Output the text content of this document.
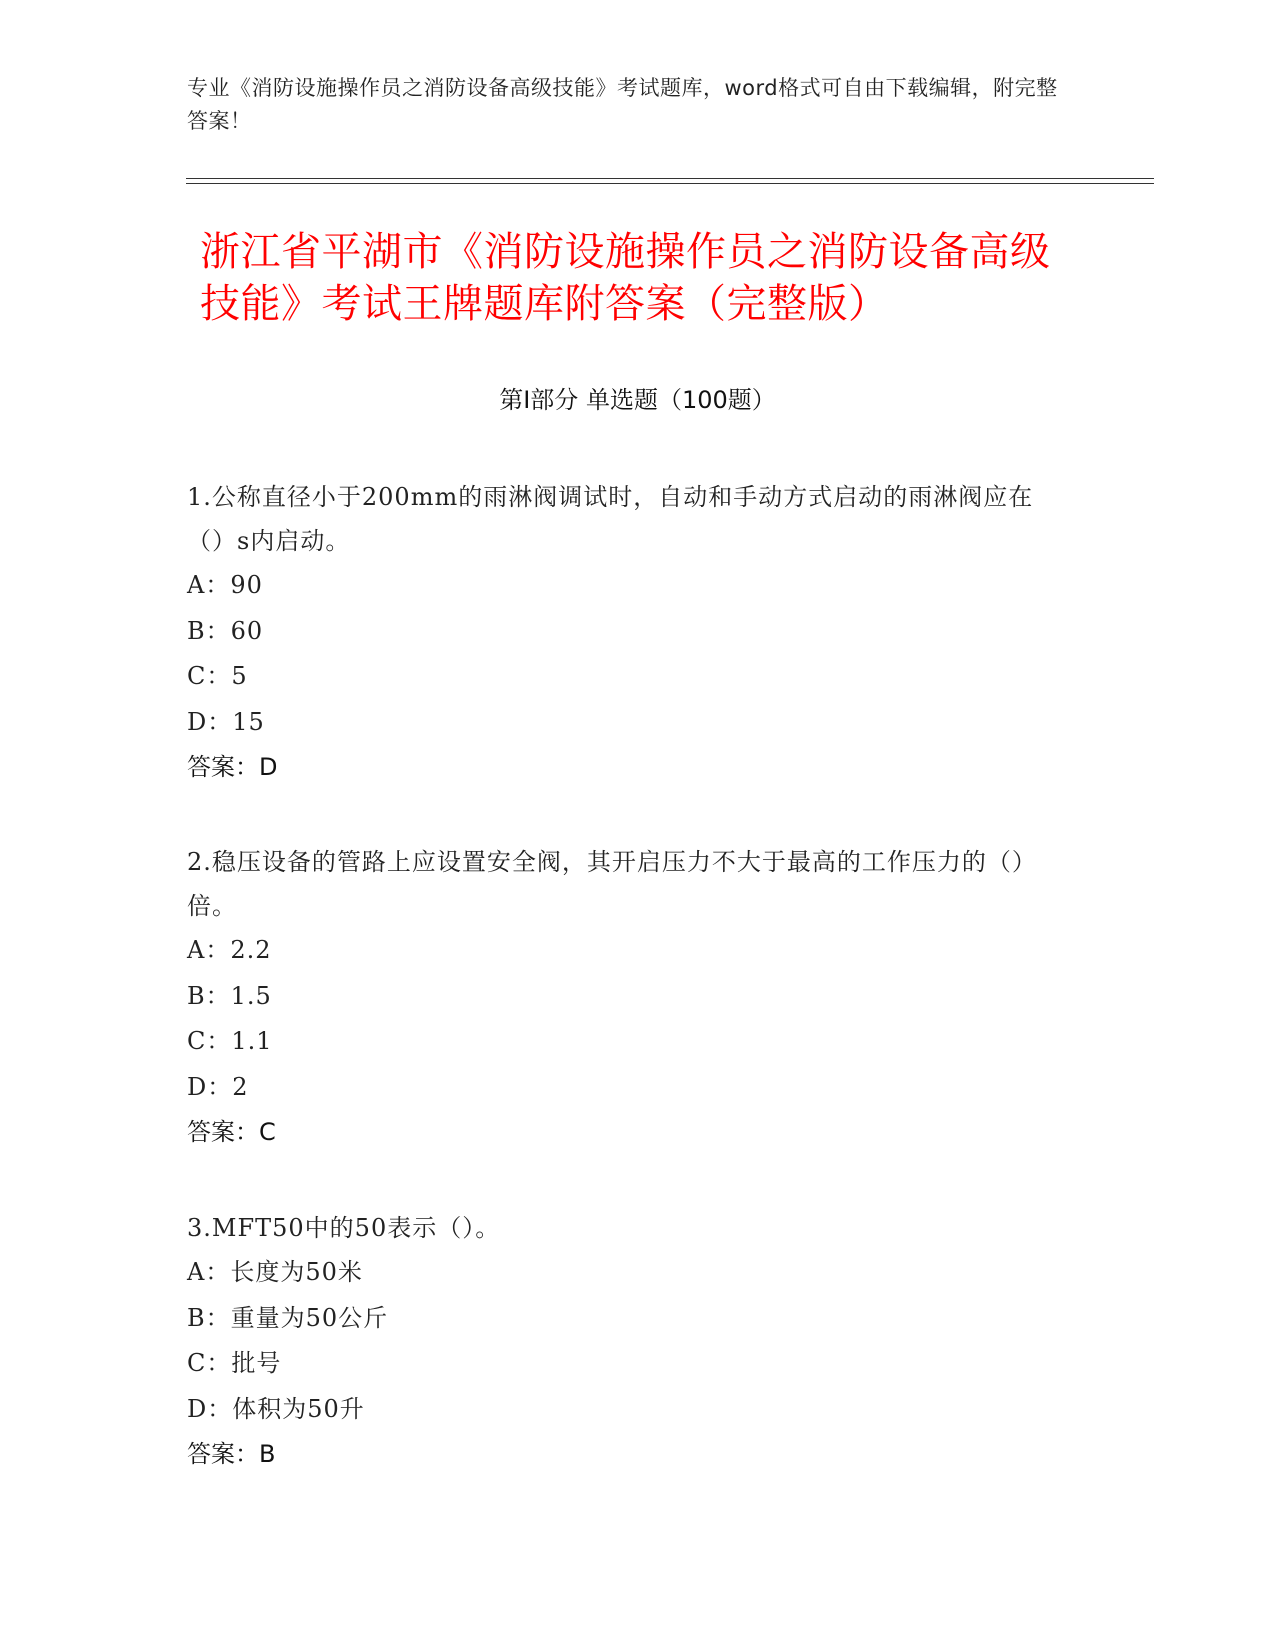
专业《消防设施操作员之消防设备高级技能》考试题库，word格式可自由下载编辑，附完整答案！
浙江省平湖市《消防设施操作员之消防设备高级技能》考试王牌题库附答案（完整版）
第Ⅰ部分 单选题（100题）
1.公称直径小于200mm的雨淋阀调试时，自动和手动方式启动的雨淋阀应在（）s内启动。
A：90
B：60
C：5
D：15
答案：D
2.稳压设备的管路上应设置安全阀，其开启压力不大于最高的工作压力的（）倍。
A：2.2
B：1.5
C：1.1
D：2
答案：C
3.MFT50中的50表示（）。
A：长度为50米
B：重量为50公斤
C：批号
D：体积为50升
答案：B
